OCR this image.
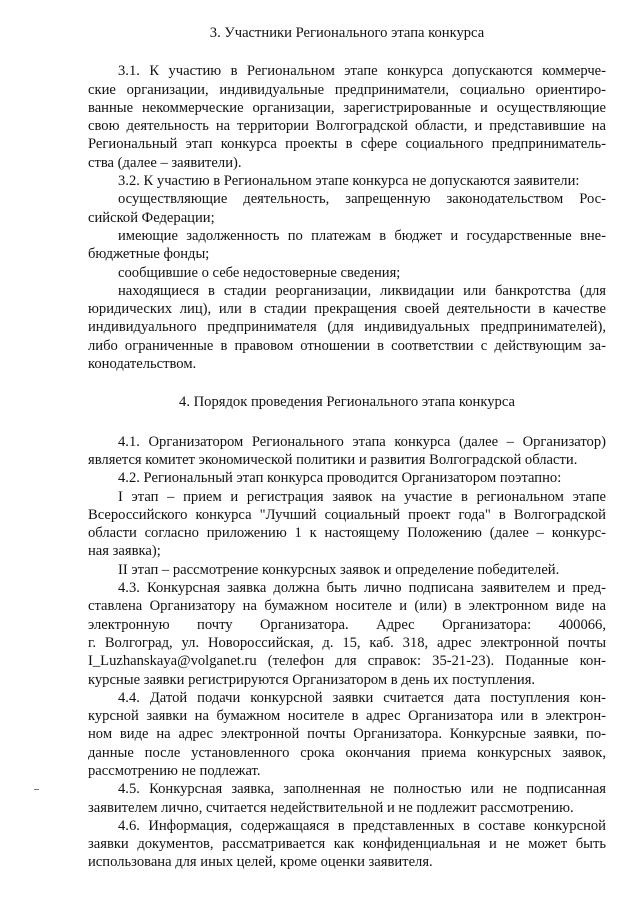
3. Участники Регионального этапа конкурса

3.1. К участию в Региональном этапе конкурса допускаются коммерче-
ские организации, индивидуальные предприниматели, социально ориентиро-
ванные некоммерческие организации, зарегистрированные и осуществляющие
свою деятельность на территории Волгоградской области, и представившие на
Региональный этап конкурса проекты в сфере социального предприниматель-
ства (далее – заявители).

3.2. К участию в Региональном этапе конкурса не допускаются заявители:

осуществляющие деятельность, запрещенную законодательством Рос-
сийской Федерации;

имеющие задолженность по платежам в бюджет и государственные вне-
бюджетные фонды;

сообщившие о себе недостоверные сведения;

находящиеся в стадии реорганизации, ликвидации или банкротства (для
юридических лиц), или в стадии прекращения своей деятельности в качестве
индивидуального предпринимателя (для индивидуальных предпринимателей),
либо ограниченные в правовом отношении в соответствии с действующим за-
конодательством.

4. Порядок проведения Регионального этапа конкурса

4.1. Организатором Регионального этапа конкурса (далее – Организатор)
является комитет экономической политики и развития Волгоградской области.

4.2. Региональный этап конкурса проводится Организатором поэтапно:

I этап – прием и регистрация заявок на участие в региональном этапе
Всероссийского конкурса "Лучший социальный проект года" в Волгоградской
области согласно приложению 1 к настоящему Положению (далее – конкурс-
ная заявка);

II этап – рассмотрение конкурсных заявок и определение победителей.

4.3. Конкурсная заявка должна быть лично подписана заявителем и пред-
ставлена Организатору на бумажном носителе и (или) в электронном виде на
электронную почту Организатора. Адрес Организатора: 400066,
г. Волгоград, ул. Новороссийская, д. 15, каб. 318, адрес электронной почты
I_Luzhanskaya@volganet.ru (телефон для справок: 35-21-23). Поданные кон-
курсные заявки регистрируются Организатором в день их поступления.

4.4. Датой подачи конкурсной заявки считается дата поступления кон-
курсной заявки на бумажном носителе в адрес Организатора или в электрон-
ном виде на адрес электронной почты Организатора. Конкурсные заявки, по-
данные после установленного срока окончания приема конкурсных заявок,
рассмотрению не подлежат.

4.5. Конкурсная заявка, заполненная не полностью или не подписанная
заявителем лично, считается недействительной и не подлежит рассмотрению.

4.6. Информация, содержащаяся в представленных в составе конкурсной
заявки документов, рассматривается как конфиденциальная и не может быть
использована для иных целей, кроме оценки заявителя.
